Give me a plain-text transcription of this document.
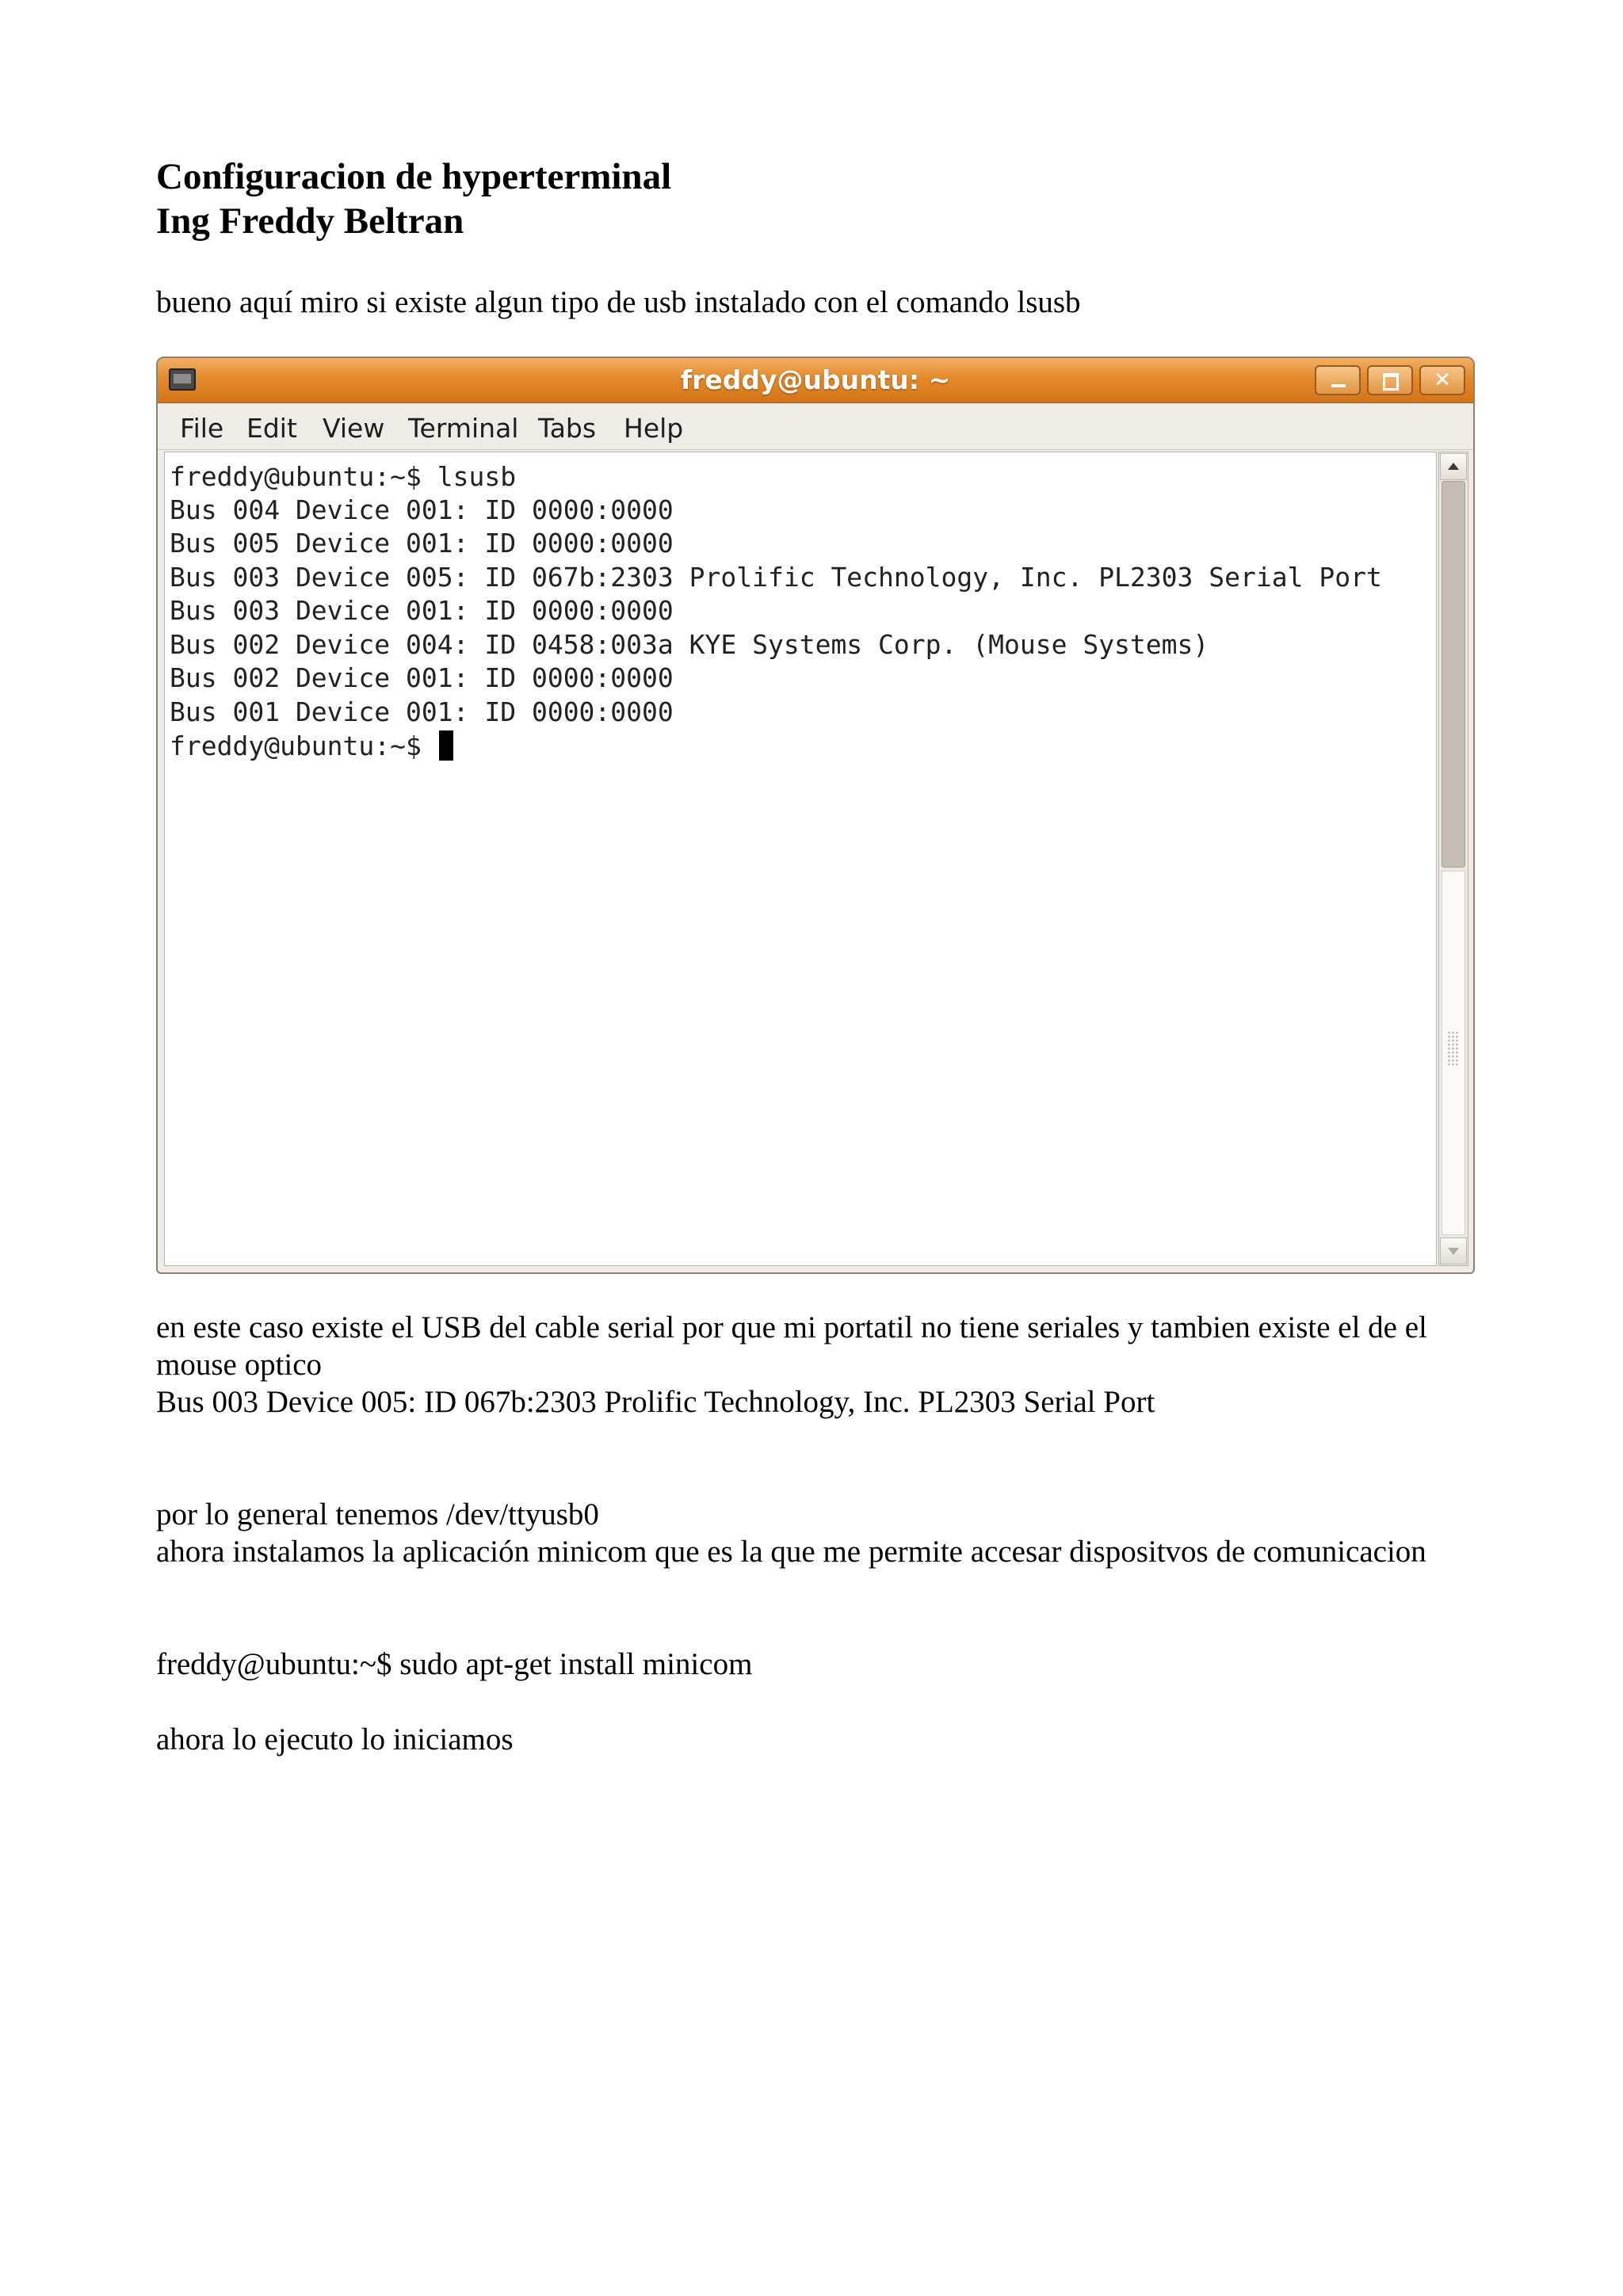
Configuracion de hyperterminal
Ing Freddy Beltran

bueno aquí miro si existe algun tipo de usb instalado con el comando lsusb

freddy@ubuntu: ~	✕
File Edit View Terminal Tabs Help
freddy@ubuntu:~$ lsusb
Bus 004 Device 001: ID 0000:0000
Bus 005 Device 001: ID 0000:0000
Bus 003 Device 005: ID 067b:2303 Prolific Technology, Inc. PL2303 Serial Port
Bus 003 Device 001: ID 0000:0000
Bus 002 Device 004: ID 0458:003a KYE Systems Corp. (Mouse Systems)
Bus 002 Device 001: ID 0000:0000
Bus 001 Device 001: ID 0000:0000
freddy@ubuntu:~$

en este caso existe el USB del cable serial por que mi portatil no tiene seriales y tambien existe el de el mouse optico

Bus 003 Device 005: ID 067b:2303 Prolific Technology, Inc. PL2303 Serial Port

por lo general tenemos /dev/ttyusb0

ahora instalamos la aplicación minicom que es la que me permite accesar dispositvos de comunicacion

freddy@ubuntu:~$ sudo apt-get install minicom

ahora lo ejecuto lo iniciamos
